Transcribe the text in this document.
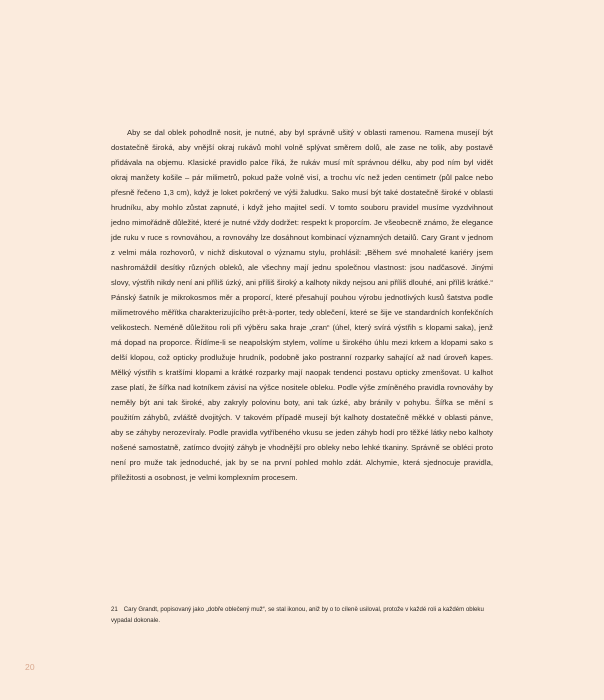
Aby se dal oblek pohodlně nosit, je nutné, aby byl správně ušitý v oblasti ramenou. Ramena musejí být dostatečně široká, aby vnější okraj rukávů mohl volně splývat směrem dolů, ale zase ne tolik, aby postavě přidávala na objemu. Klasické pravidlo palce říká, že rukáv musí mít správnou délku, aby pod ním byl vidět okraj manžety košile – pár milimetrů, pokud paže volně visí, a trochu víc než jeden centimetr (půl palce nebo přesně řečeno 1,3 cm), když je loket pokrčený ve výši žaludku. Sako musí být také dostatečně široké v oblasti hrudníku, aby mohlo zůstat zapnuté, i když jeho majitel sedí. V tomto souboru pravidel musíme vyzdvihnout jedno mimořádně důležité, které je nutné vždy dodržet: respekt k proporcím. Je všeobecně známo, že elegance jde ruku v ruce s rovnováhou, a rovnováhy lze dosáhnout kombinací významných detailů. Cary Grant v jednom z velmi mála rozhovorů, v nichž diskutoval o významu stylu, prohlásil: „Během své mnohaleté kariéry jsem nashromáždil desítky různých obleků, ale všechny mají jednu společnou vlastnost: jsou nadčasové. Jinými slovy, výstřih nikdy není ani příliš úzký, ani příliš široký a kalhoty nikdy nejsou ani příliš dlouhé, ani příliš krátké.“ Pánský šatník je mikrokosmos měr a proporcí, které přesahují pouhou výrobu jednotlivých kusů šatstva podle milimetrového měřítka charakterizujícího prêt-à-porter, tedy oblečení, které se šije ve standardních konfekčních velikostech. Neméně důležitou roli při výběru saka hraje „cran“ (úhel, který svírá výstřih s klopami saka), jenž má dopad na proporce. Řídíme-li se neapolským stylem, volíme u širokého úhlu mezi krkem a klopami sako s delší klopou, což opticky prodlužuje hrudník, podobně jako postranní rozparky sahající až nad úroveň kapes. Mělký výstřih s kratšími klopami a krátké rozparky mají naopak tendenci postavu opticky zmenšovat. U kalhot zase platí, že šířka nad kotníkem závisí na výšce nositele obleku. Podle výše zmíněného pravidla rovnováhy by neměly být ani tak široké, aby zakryly polovinu boty, ani tak úzké, aby bránily v pohybu. Šířka se mění s použitím záhybů, zvláště dvojitých. V takovém případě musejí být kalhoty dostatečně měkké v oblasti pánve, aby se záhyby nerozevíraly. Podle pravidla vytříbeného vkusu se jeden záhyb hodí pro těžké látky nebo kalhoty nošené samostatně, zatímco dvojitý záhyb je vhodnější pro obleky nebo lehké tkaniny. Správně se obléci proto není pro muže tak jednoduché, jak by se na první pohled mohlo zdát. Alchymie, která sjednocuje pravidla, příležitosti a osobnost, je velmi komplexním procesem.

21 Cary Grandt, popisovaný jako „dobře oblečený muž“, se stal ikonou, aniž by o to cíleně usiloval, protože v každé roli a každém obleku vypadal dokonale.

20
